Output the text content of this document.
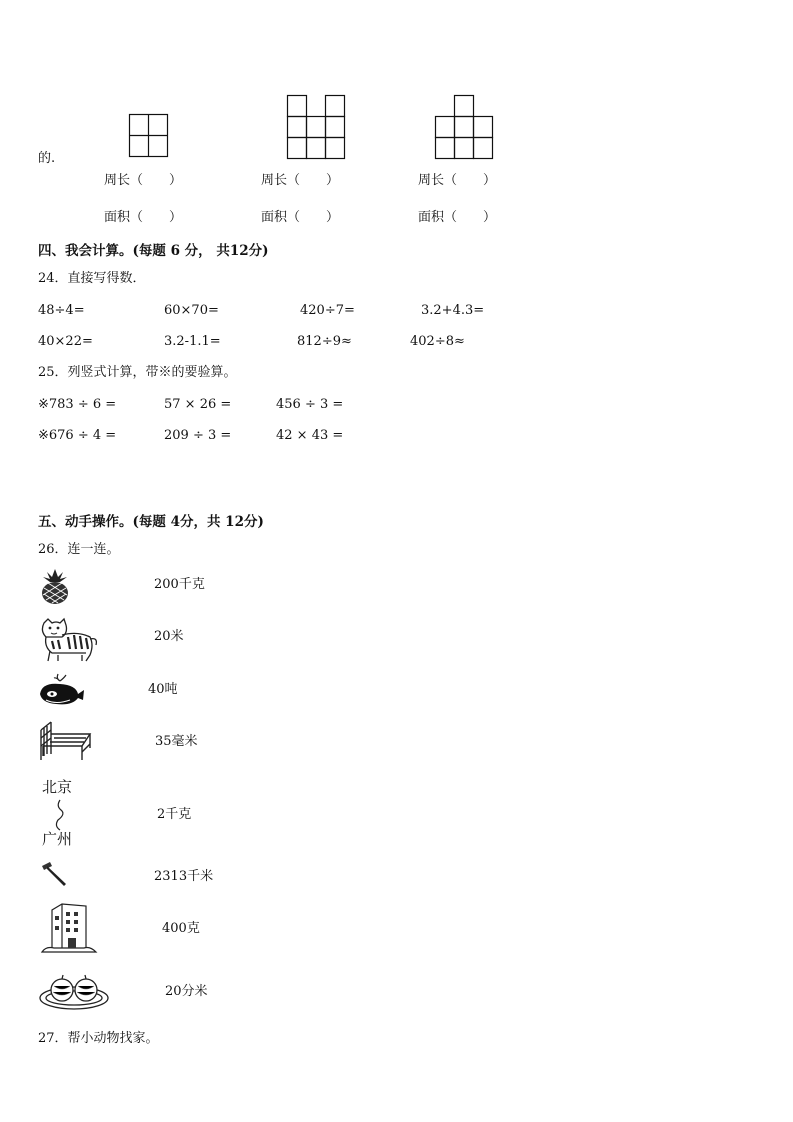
的.
周长（　　）	周长（　　）	周长（　　）
面积（　　）	面积（　　）	面积（　　）
四、我会计算。(每题 6 分， 共12分)
24．直接写得数．
48÷4=	60×70=	420÷7=	3.2+4.3=
40×22=	3.2-1.1=	812÷9≈	402÷8≈
25．列竖式计算，带※的要验算。
※783 ÷ 6 =	57 × 26 =	456 ÷ 3 =
※676 ÷ 4 =	209 ÷ 3 =	42 × 43 =
五、动手操作。(每题 4分，共 12分)
26．连一连。
北京
广州
200千克
20米
40吨
35毫米
2千克
2313千米
400克
20分米
27．帮小动物找家。
